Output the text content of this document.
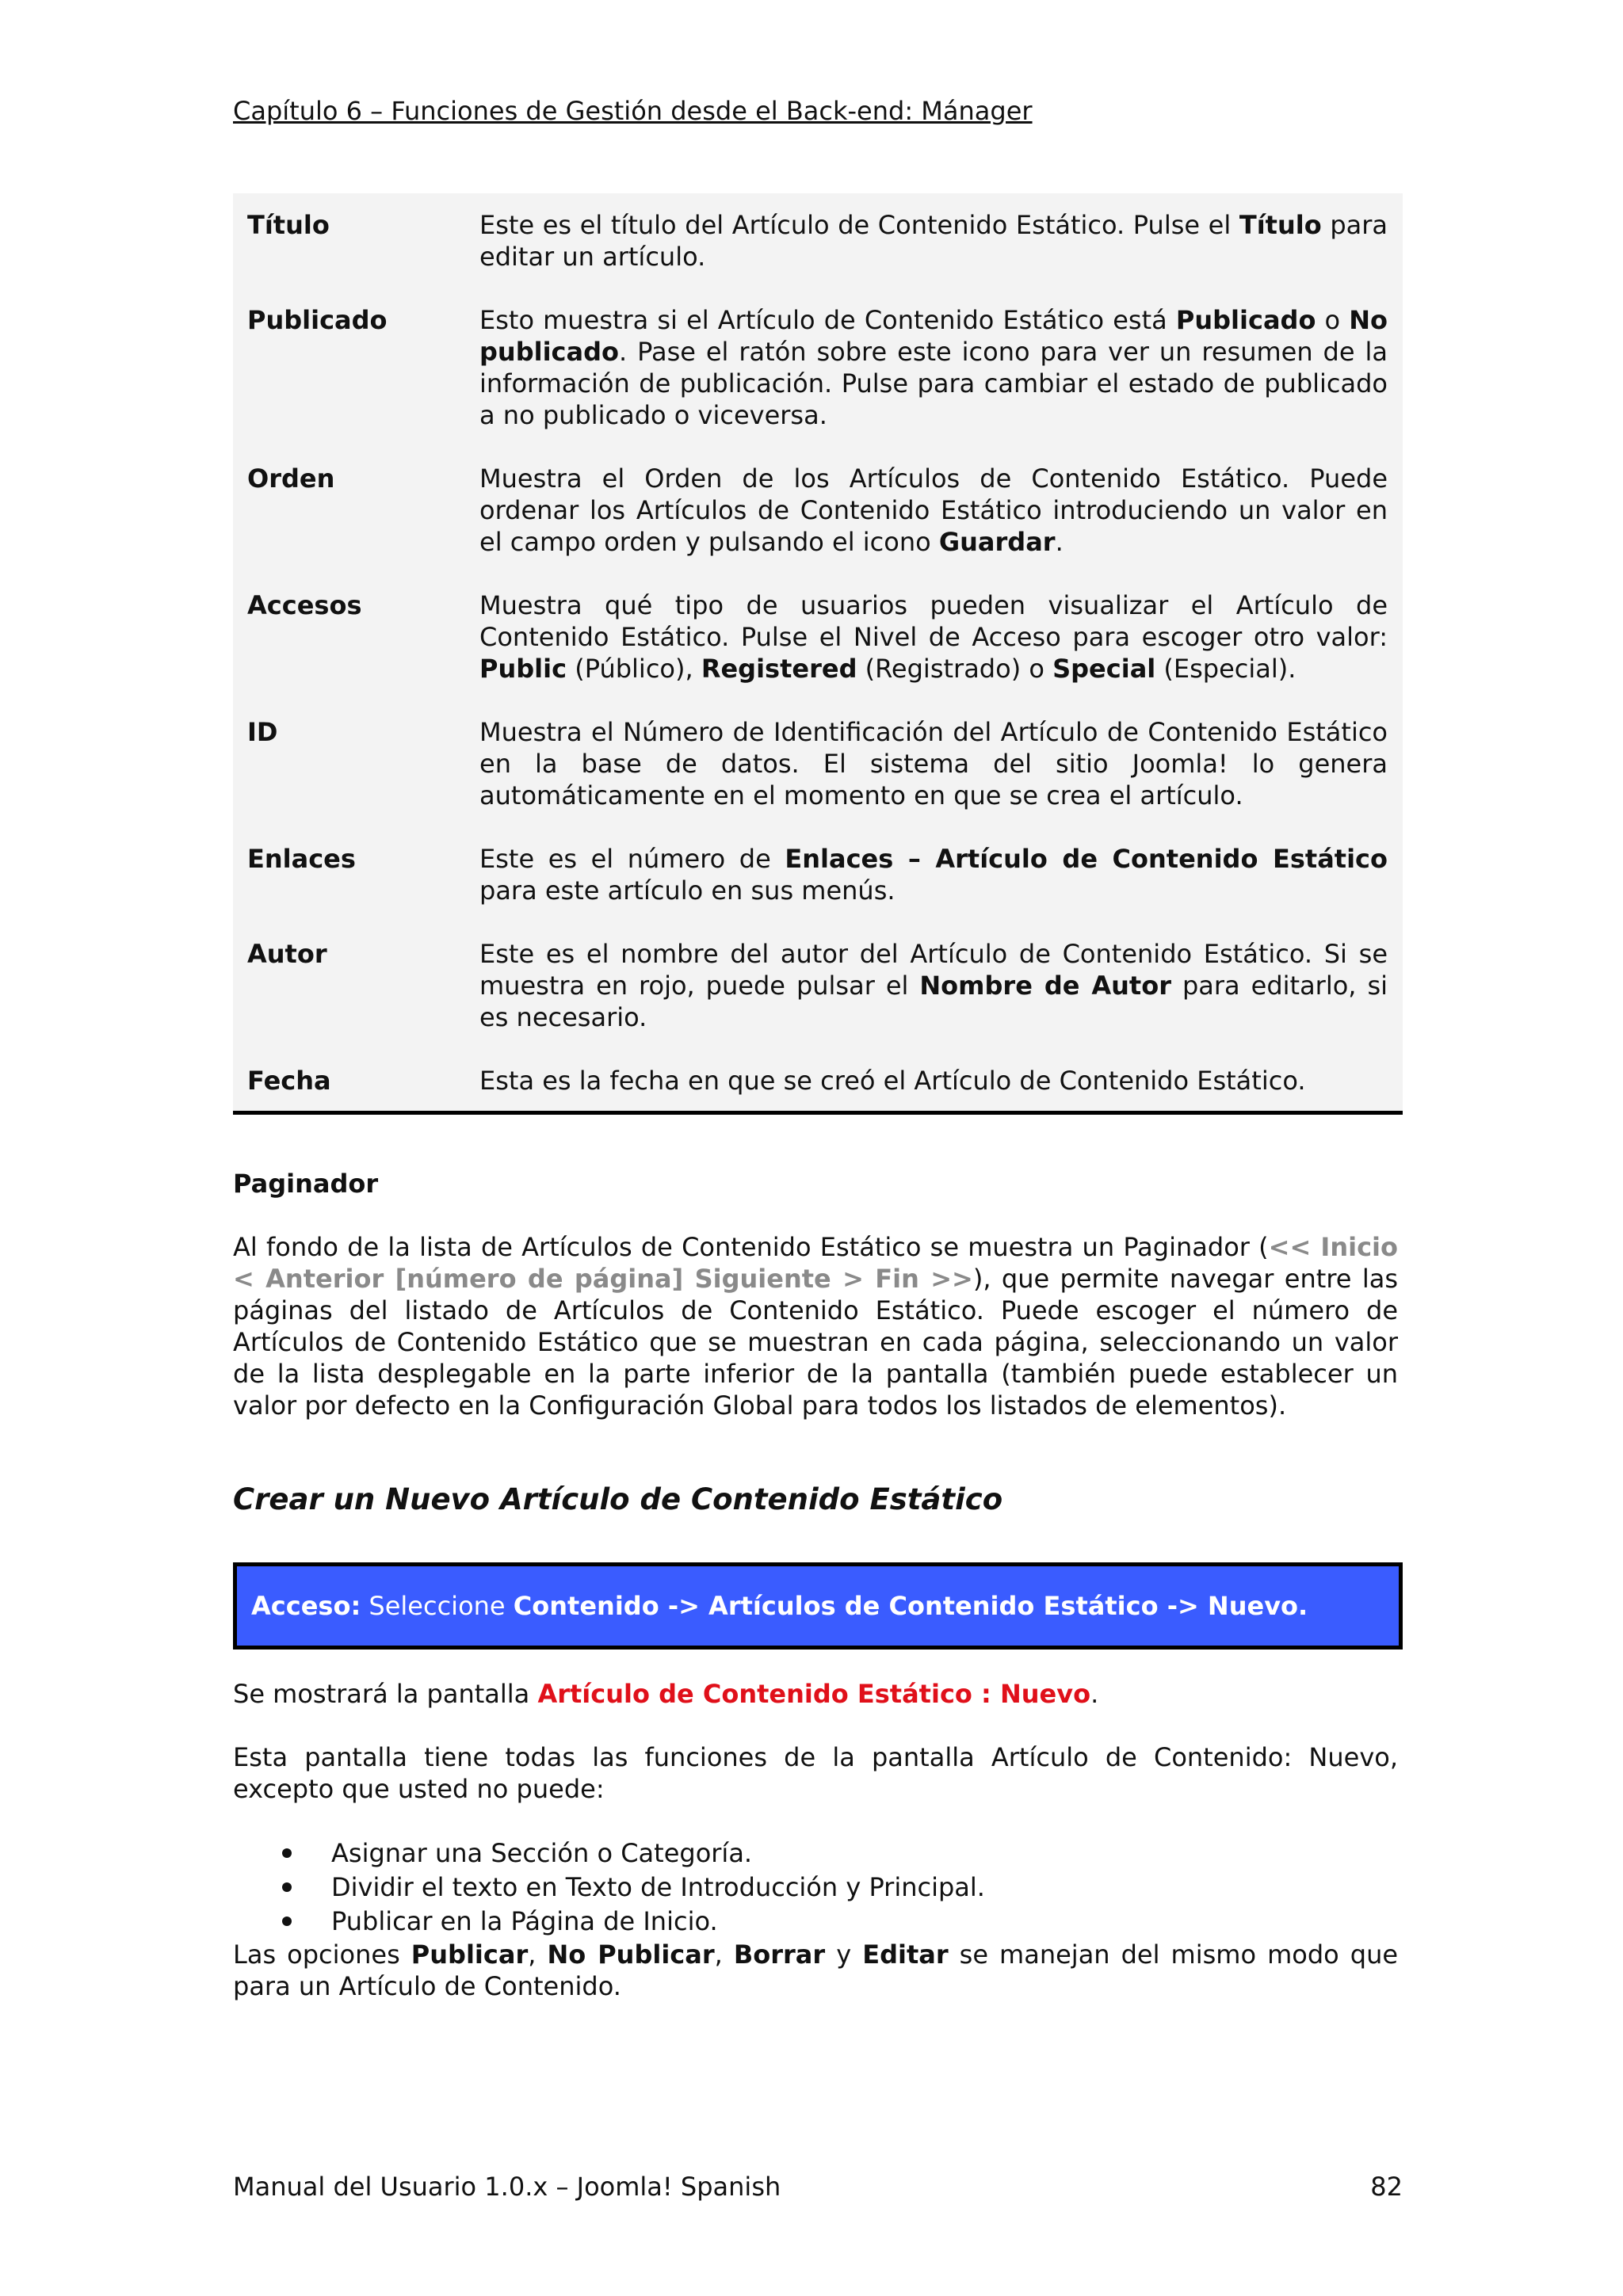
Capítulo 6 – Funciones de Gestión desde el Back-end: Mánager
Título	Este es el título del Artículo de Contenido Estático. Pulse el Título para editar un artículo.
Publicado	Esto muestra si el Artículo de Contenido Estático está Publicado o No publicado. Pase el ratón sobre este icono para ver un resumen de la información de publicación. Pulse para cambiar el estado de publicado a no publicado o viceversa.
Orden	Muestra el Orden de los Artículos de Contenido Estático. Puede ordenar los Artículos de Contenido Estático introduciendo un valor en el campo orden y pulsando el icono Guardar.
Accesos	Muestra qué tipo de usuarios pueden visualizar el Artículo de Contenido Estático. Pulse el Nivel de Acceso para escoger otro valor: Public (Público), Registered (Registrado) o Special (Especial).
ID	Muestra el Número de Identificación del Artículo de Contenido Estático en la base de datos. El sistema del sitio Joomla! lo genera automáticamente en el momento en que se crea el artículo.
Enlaces	Este es el número de Enlaces – Artículo de Contenido Estático para este artículo en sus menús.
Autor	Este es el nombre del autor del Artículo de Contenido Estático. Si se muestra en rojo, puede pulsar el Nombre de Autor para editarlo, si es necesario.
Fecha	Esta es la fecha en que se creó el Artículo de Contenido Estático.
Paginador
Al fondo de la lista de Artículos de Contenido Estático se muestra un Paginador (<< Inicio < Anterior [número de página] Siguiente > Fin >>), que permite navegar entre las páginas del listado de Artículos de Contenido Estático. Puede escoger el número de Artículos de Contenido Estático que se muestran en cada página, seleccionando un valor de la lista desplegable en la parte inferior de la pantalla (también puede establecer un valor por defecto en la Configuración Global para todos los listados de elementos).
Crear un Nuevo Artículo de Contenido Estático
Acceso: Seleccione Contenido -> Artículos de Contenido Estático -> Nuevo.
Se mostrará la pantalla Artículo de Contenido Estático : Nuevo.
Esta pantalla tiene todas las funciones de la pantalla Artículo de Contenido: Nuevo, excepto que usted no puede:
Asignar una Sección o Categoría.
Dividir el texto en Texto de Introducción y Principal.
Publicar en la Página de Inicio.
Las opciones Publicar, No Publicar, Borrar y Editar se manejan del mismo modo que para un Artículo de Contenido.
Manual del Usuario 1.0.x – Joomla! Spanish	82
